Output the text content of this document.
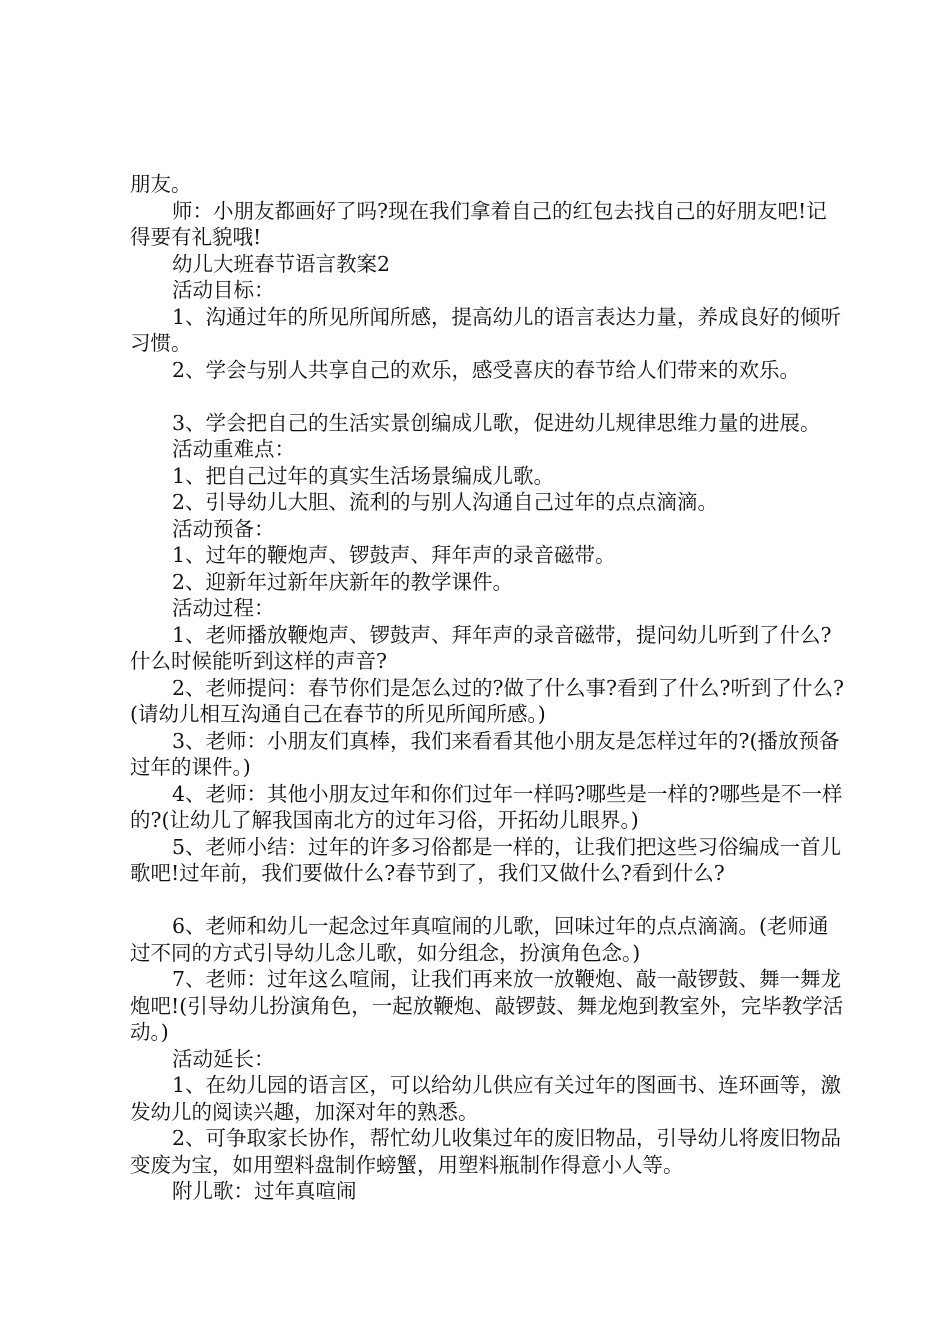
朋友。

师：小朋友都画好了吗?现在我们拿着自己的红包去找自己的好朋友吧!记得要有礼貌哦!

幼儿大班春节语言教案2

活动目标：

1、沟通过年的所见所闻所感，提高幼儿的语言表达力量，养成良好的倾听习惯。

2、学会与别人共享自己的欢乐，感受喜庆的春节给人们带来的欢乐。

3、学会把自己的生活实景创编成儿歌，促进幼儿规律思维力量的进展。

活动重难点：

1、把自己过年的真实生活场景编成儿歌。

2、引导幼儿大胆、流利的与别人沟通自己过年的点点滴滴。

活动预备：

1、过年的鞭炮声、锣鼓声、拜年声的录音磁带。

2、迎新年过新年庆新年的教学课件。

活动过程：

1、老师播放鞭炮声、锣鼓声、拜年声的录音磁带，提问幼儿听到了什么?什么时候能听到这样的声音?

2、老师提问：春节你们是怎么过的?做了什么事?看到了什么?听到了什么?(请幼儿相互沟通自己在春节的所见所闻所感。)

3、老师：小朋友们真棒，我们来看看其他小朋友是怎样过年的?(播放预备过年的课件。)

4、老师：其他小朋友过年和你们过年一样吗?哪些是一样的?哪些是不一样的?(让幼儿了解我国南北方的过年习俗，开拓幼儿眼界。)

5、老师小结：过年的许多习俗都是一样的，让我们把这些习俗编成一首儿歌吧!过年前，我们要做什么?春节到了，我们又做什么?看到什么?

6、老师和幼儿一起念过年真喧闹的儿歌，回味过年的点点滴滴。(老师通过不同的方式引导幼儿念儿歌，如分组念，扮演角色念。)

7、老师：过年这么喧闹，让我们再来放一放鞭炮、敲一敲锣鼓、舞一舞龙炮吧!(引导幼儿扮演角色，一起放鞭炮、敲锣鼓、舞龙炮到教室外，完毕教学活动。)

活动延长：

1、在幼儿园的语言区，可以给幼儿供应有关过年的图画书、连环画等，激发幼儿的阅读兴趣，加深对年的熟悉。

2、可争取家长协作，帮忙幼儿收集过年的废旧物品，引导幼儿将废旧物品变废为宝，如用塑料盘制作螃蟹，用塑料瓶制作得意小人等。

附儿歌：过年真喧闹
